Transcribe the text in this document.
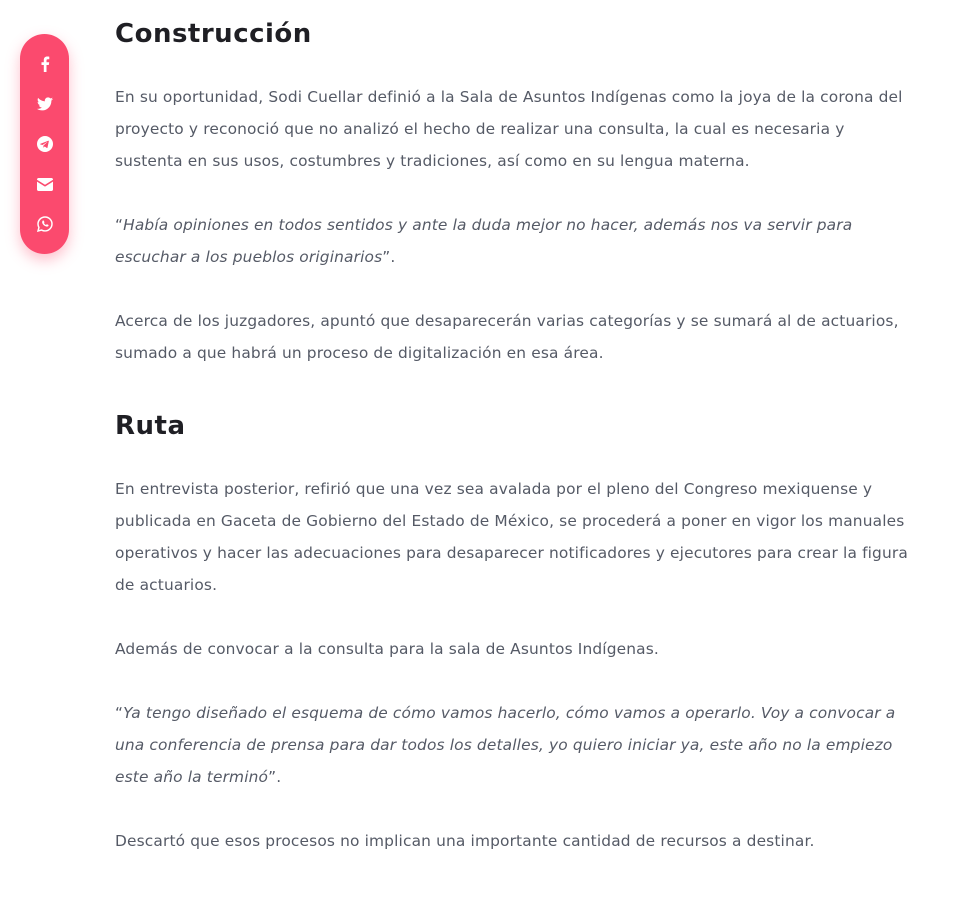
Construcción

En su oportunidad, Sodi Cuellar definió a la Sala de Asuntos Indígenas como la joya de la corona del proyecto y reconoció que no analizó el hecho de realizar una consulta, la cual es necesaria y sustenta en sus usos, costumbres y tradiciones, así como en su lengua materna.

“Había opiniones en todos sentidos y ante la duda mejor no hacer, además nos va servir para escuchar a los pueblos originarios”.

Acerca de los juzgadores, apuntó que desaparecerán varias categorías y se sumará al de actuarios, sumado a que habrá un proceso de digitalización en esa área.

Ruta

En entrevista posterior, refirió que una vez sea avalada por el pleno del Congreso mexiquense y publicada en Gaceta de Gobierno del Estado de México, se procederá a poner en vigor los manuales operativos y hacer las adecuaciones para desaparecer notificadores y ejecutores para crear la figura de actuarios.

Además de convocar a la consulta para la sala de Asuntos Indígenas.

“Ya tengo diseñado el esquema de cómo vamos hacerlo, cómo vamos a operarlo. Voy a convocar a una conferencia de prensa para dar todos los detalles, yo quiero iniciar ya, este año no la empiezo este año la terminó”.

Descartó que esos procesos no implican una importante cantidad de recursos a destinar.
